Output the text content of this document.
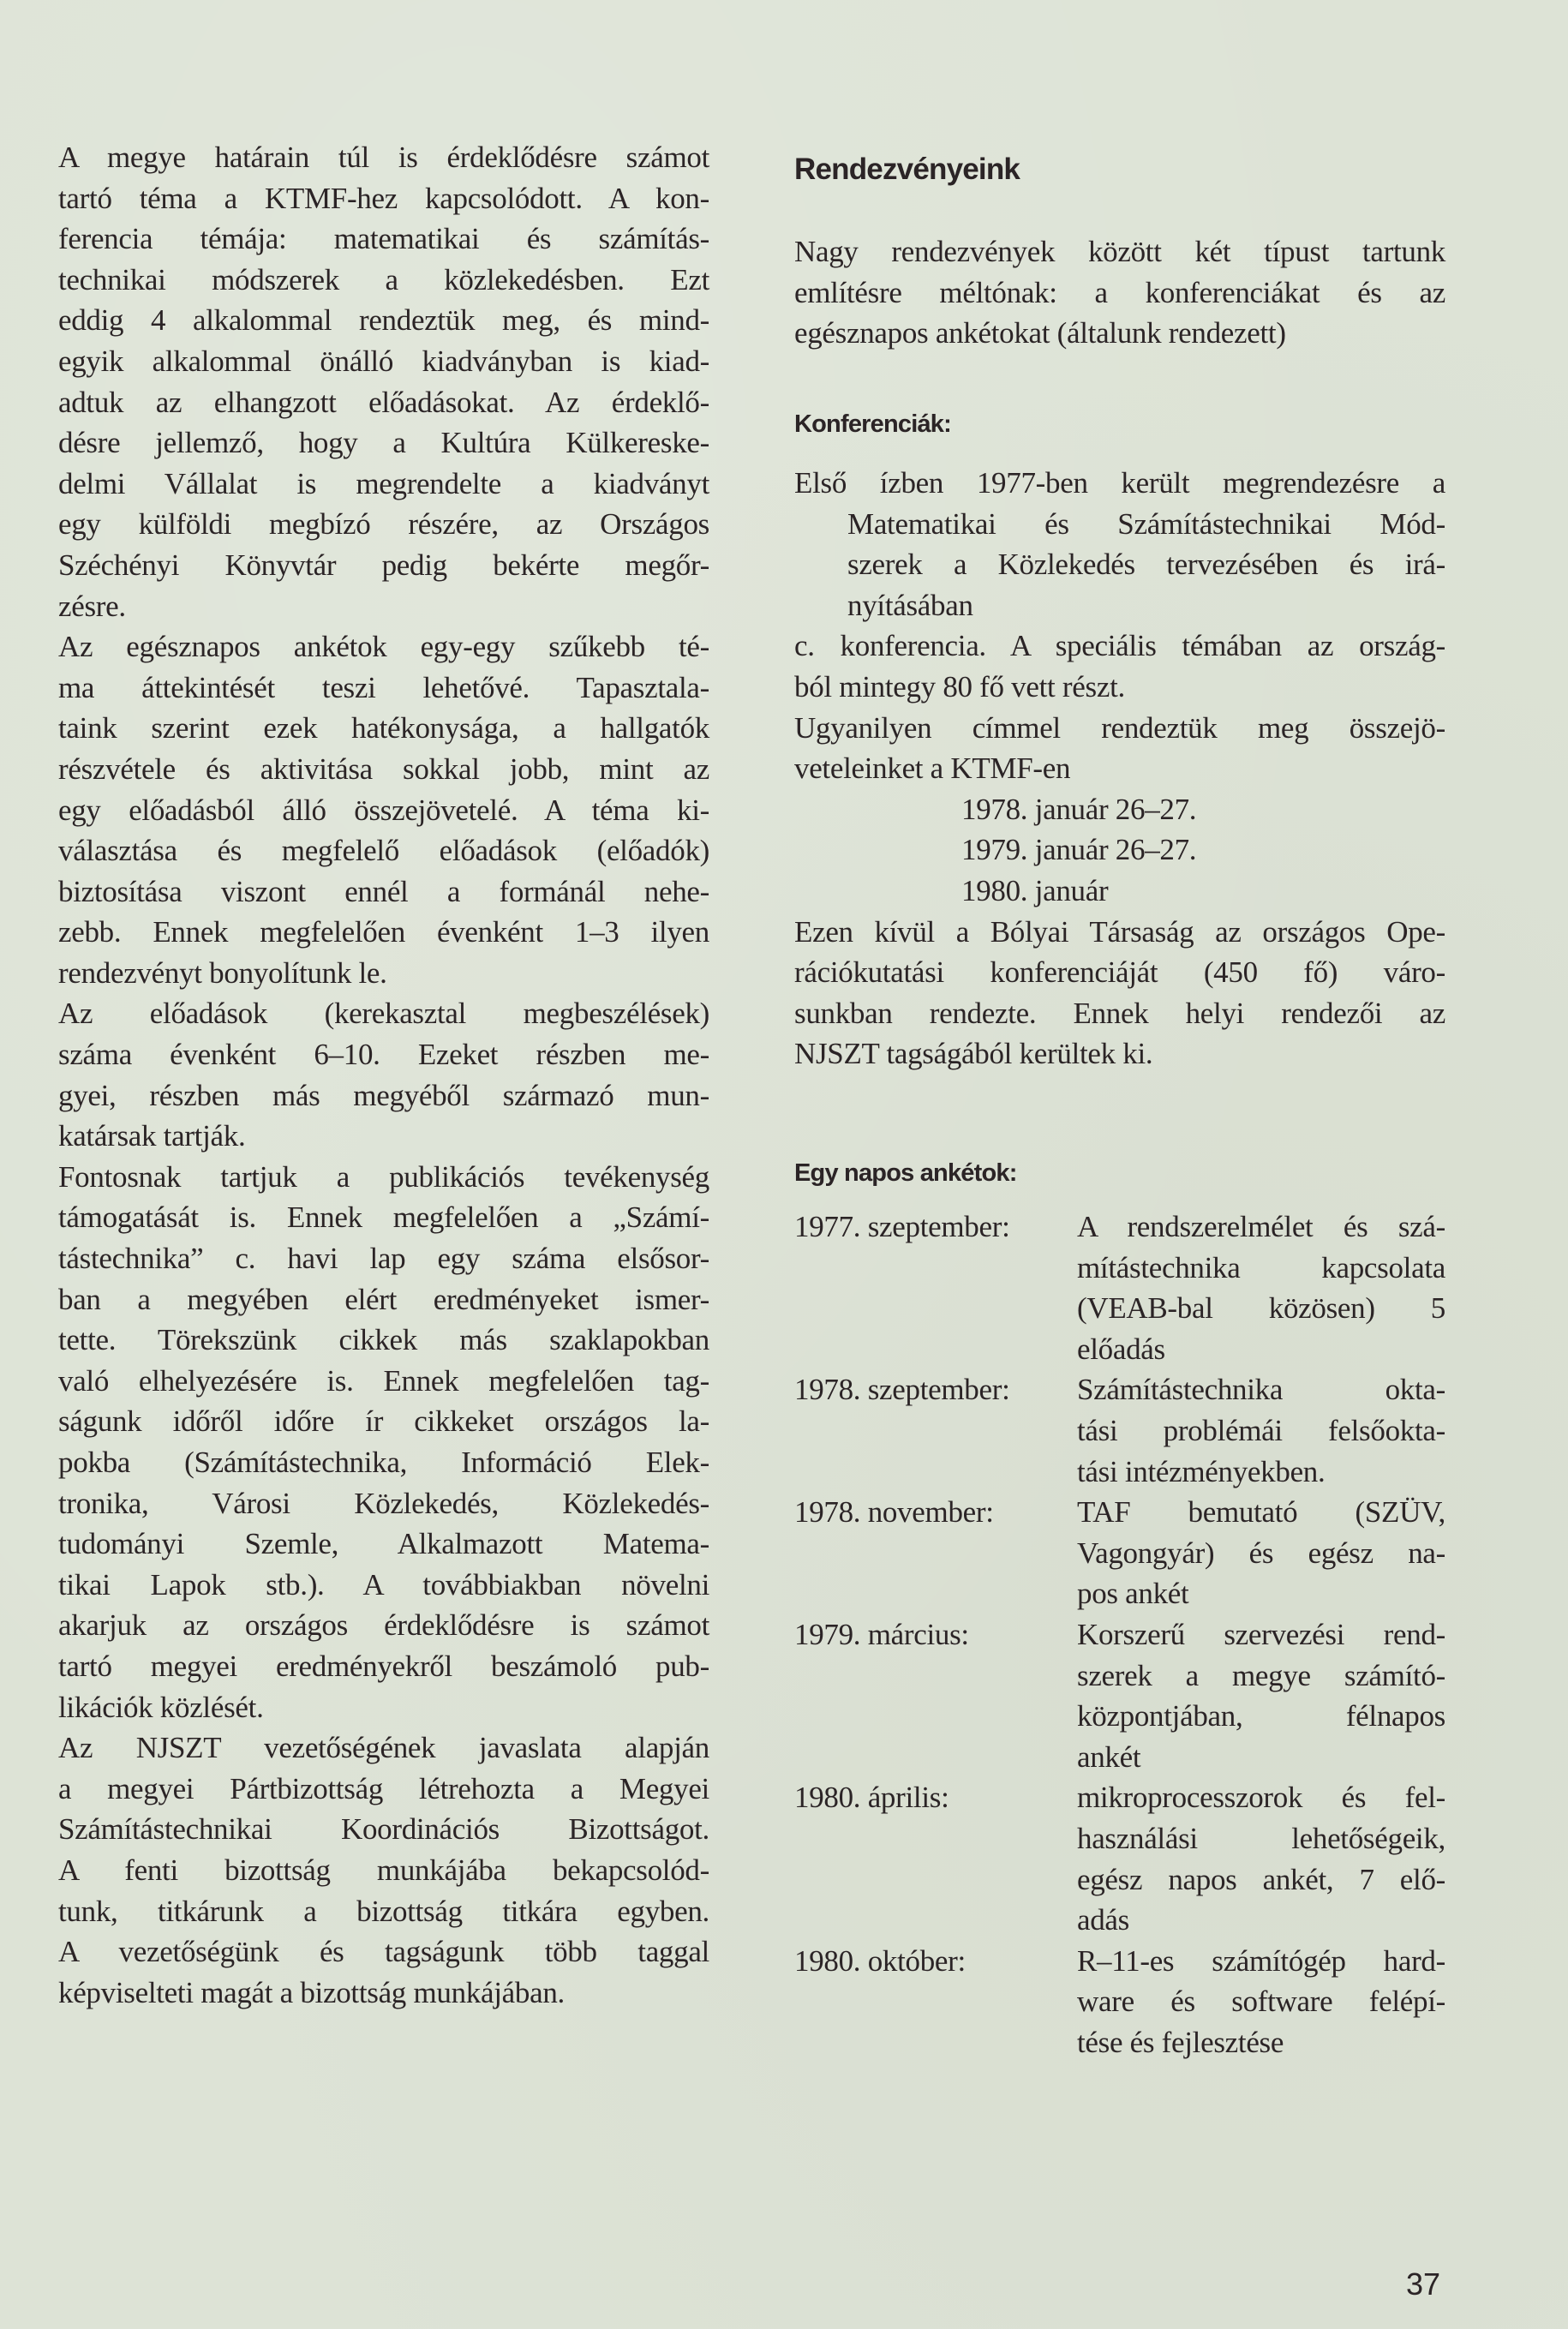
A megye határain túl is érdeklődésre számot
tartó téma a KTMF-hez kapcsolódott. A kon-
ferencia témája: matematikai és számítás-
technikai módszerek a közlekedésben. Ezt
eddig 4 alkalommal rendeztük meg, és mind-
egyik alkalommal önálló kiadványban is kiad-
adtuk az elhangzott előadásokat. Az érdeklő-
désre jellemző, hogy a Kultúra Külkereske-
delmi Vállalat is megrendelte a kiadványt
egy külföldi megbízó részére, az Országos
Széchényi Könyvtár pedig bekérte megőr-
zésre.
Az egésznapos ankétok egy-egy szűkebb té-
ma áttekintését teszi lehetővé. Tapasztala-
taink szerint ezek hatékonysága, a hallgatók
részvétele és aktivitása sokkal jobb, mint az
egy előadásból álló összejövetelé. A téma ki-
választása és megfelelő előadások (előadók)
biztosítása viszont ennél a formánál nehe-
zebb. Ennek megfelelően évenként 1–3 ilyen
rendezvényt bonyolítunk le.
Az előadások (kerekasztal megbeszélések)
száma évenként 6–10. Ezeket részben me-
gyei, részben más megyéből származó mun-
katársak tartják.
Fontosnak tartjuk a publikációs tevékenység
támogatását is. Ennek megfelelően a „Számí-
tástechnika” c. havi lap egy száma elsősor-
ban a megyében elért eredményeket ismer-
tette. Törekszünk cikkek más szaklapokban
való elhelyezésére is. Ennek megfelelően tag-
ságunk időről időre ír cikkeket országos la-
pokba (Számítástechnika, Információ Elek-
tronika, Városi Közlekedés, Közlekedés-
tudományi Szemle, Alkalmazott Matema-
tikai Lapok stb.). A továbbiakban növelni
akarjuk az országos érdeklődésre is számot
tartó megyei eredményekről beszámoló pub-
likációk közlését.
Az NJSZT vezetőségének javaslata alapján
a megyei Pártbizottság létrehozta a Megyei
Számítástechnikai Koordinációs Bizottságot.
A fenti bizottság munkájába bekapcsolód-
tunk, titkárunk a bizottság titkára egyben.
A vezetőségünk és tagságunk több taggal
képviselteti magát a bizottság munkájában.
Rendezvényeink
Nagy rendezvények között két típust tartunk
említésre méltónak: a konferenciákat és az
egésznapos ankétokat (általunk rendezett)
Konferenciák:
Első ízben 1977-ben került megrendezésre a
Matematikai és Számítástechnikai Mód-
szerek a Közlekedés tervezésében és irá-
nyításában
c. konferencia. A speciális témában az ország-
ból mintegy 80 fő vett részt.
Ugyanilyen címmel rendeztük meg összejö-
veteleinket a KTMF-en
1978. január 26–27.
1979. január 26–27.
1980. január
Ezen kívül a Bólyai Társaság az országos Ope-
rációkutatási konferenciáját (450 fő) váro-
sunkban rendezte. Ennek helyi rendezői az
NJSZT tagságából kerültek ki.
Egy napos ankétok:
1977. szeptember:	A rendszerelmélet és szá-
mítástechnika kapcsolata
(VEAB-bal közösen) 5
előadás
1978. szeptember:	Számítástechnika okta-
tási problémái felsőokta-
tási intézményekben.
1978. november:	TAF bemutató (SZÜV,
Vagongyár) és egész na-
pos ankét
1979. március:	Korszerű szervezési rend-
szerek a megye számító-
központjában, félnapos
ankét
1980. április:	mikroprocesszorok és fel-
használási lehetőségeik,
egész napos ankét, 7 elő-
adás
1980. október:	R–11-es számítógép hard-
ware és software felépí-
tése és fejlesztése
37
